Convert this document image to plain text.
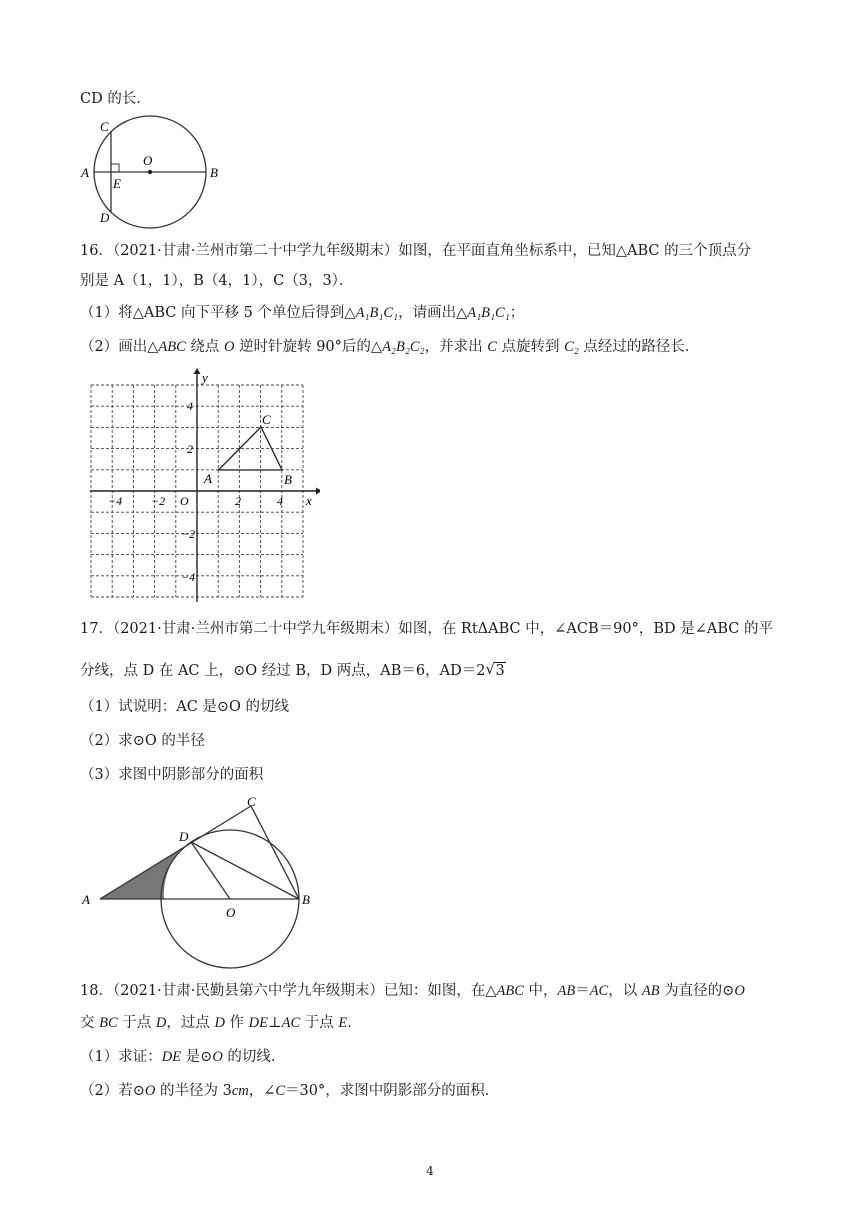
CD 的长．
C
A
O
B
E
D
16．（2021·甘肃·兰州市第二十中学九年级期末）如图，在平面直角坐标系中，已知△ABC 的三个顶点分
别是 A（1，1），B（4，1），C（3，3）．
（1）将△ABC 向下平移 5 个单位后得到△A₁B₁C₁，请画出△A₁B₁C₁；
（2）画出△ABC 绕点 O 逆时针旋转 90°后的△A₂B₂C₂，并求出 C 点旋转到 C₂ 点经过的路径长．
y
x
O
−4 −2	2	4
4
2
−2
−4
A	B
C
17．（2021·甘肃·兰州市第二十中学九年级期末）如图，在 RtΔABC 中，∠ACB＝90°，BD 是∠ABC 的平
分线，点 D 在 AC 上，⊙O 经过 B，D 两点，AB＝6，AD＝2 √ 3
（1）试说明：AC 是⊙O 的切线
（2）求⊙O 的半径
（3）求图中阴影部分的面积
C
D
A
O
B
18．（2021·甘肃·民勤县第六中学九年级期末）已知：如图，在△ABC 中，AB＝AC，以 AB 为直径的⊙O
交 BC 于点 D，过点 D 作 DE⊥AC 于点 E．
（1）求证：DE 是⊙O 的切线．
（2）若⊙O 的半径为 3cm，∠C＝30°，求图中阴影部分的面积．
4
